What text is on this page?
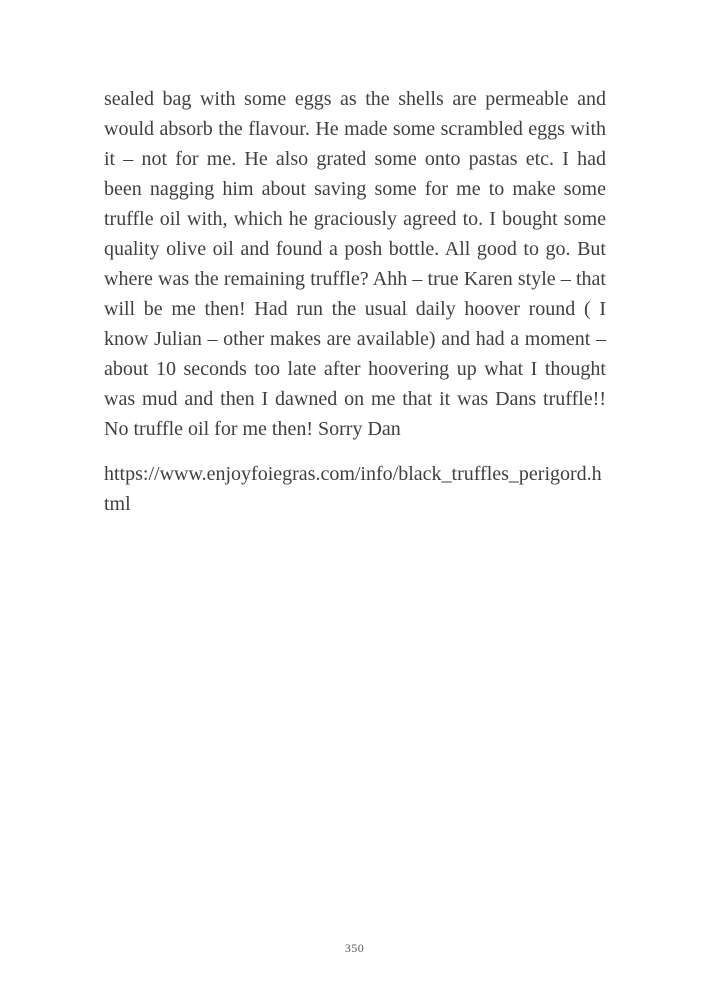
sealed bag with some eggs as the shells are permeable and would absorb the flavour. He made some scrambled eggs with it – not for me. He also grated some onto pastas etc. I had been nagging him about saving some for me to make some truffle oil with, which he graciously agreed to. I bought some quality olive oil and found a posh bottle. All good to go. But where was the remaining truffle? Ahh – true Karen style – that will be me then! Had run the usual daily hoover round ( I know Julian – other makes are available) and had a moment – about 10 seconds too late after hoovering up what I thought was mud and then I dawned on me that it was Dans truffle!! No truffle oil for me then! Sorry Dan

https://www.enjoyfoiegras.com/info/black_truffles_perigord.html

350
